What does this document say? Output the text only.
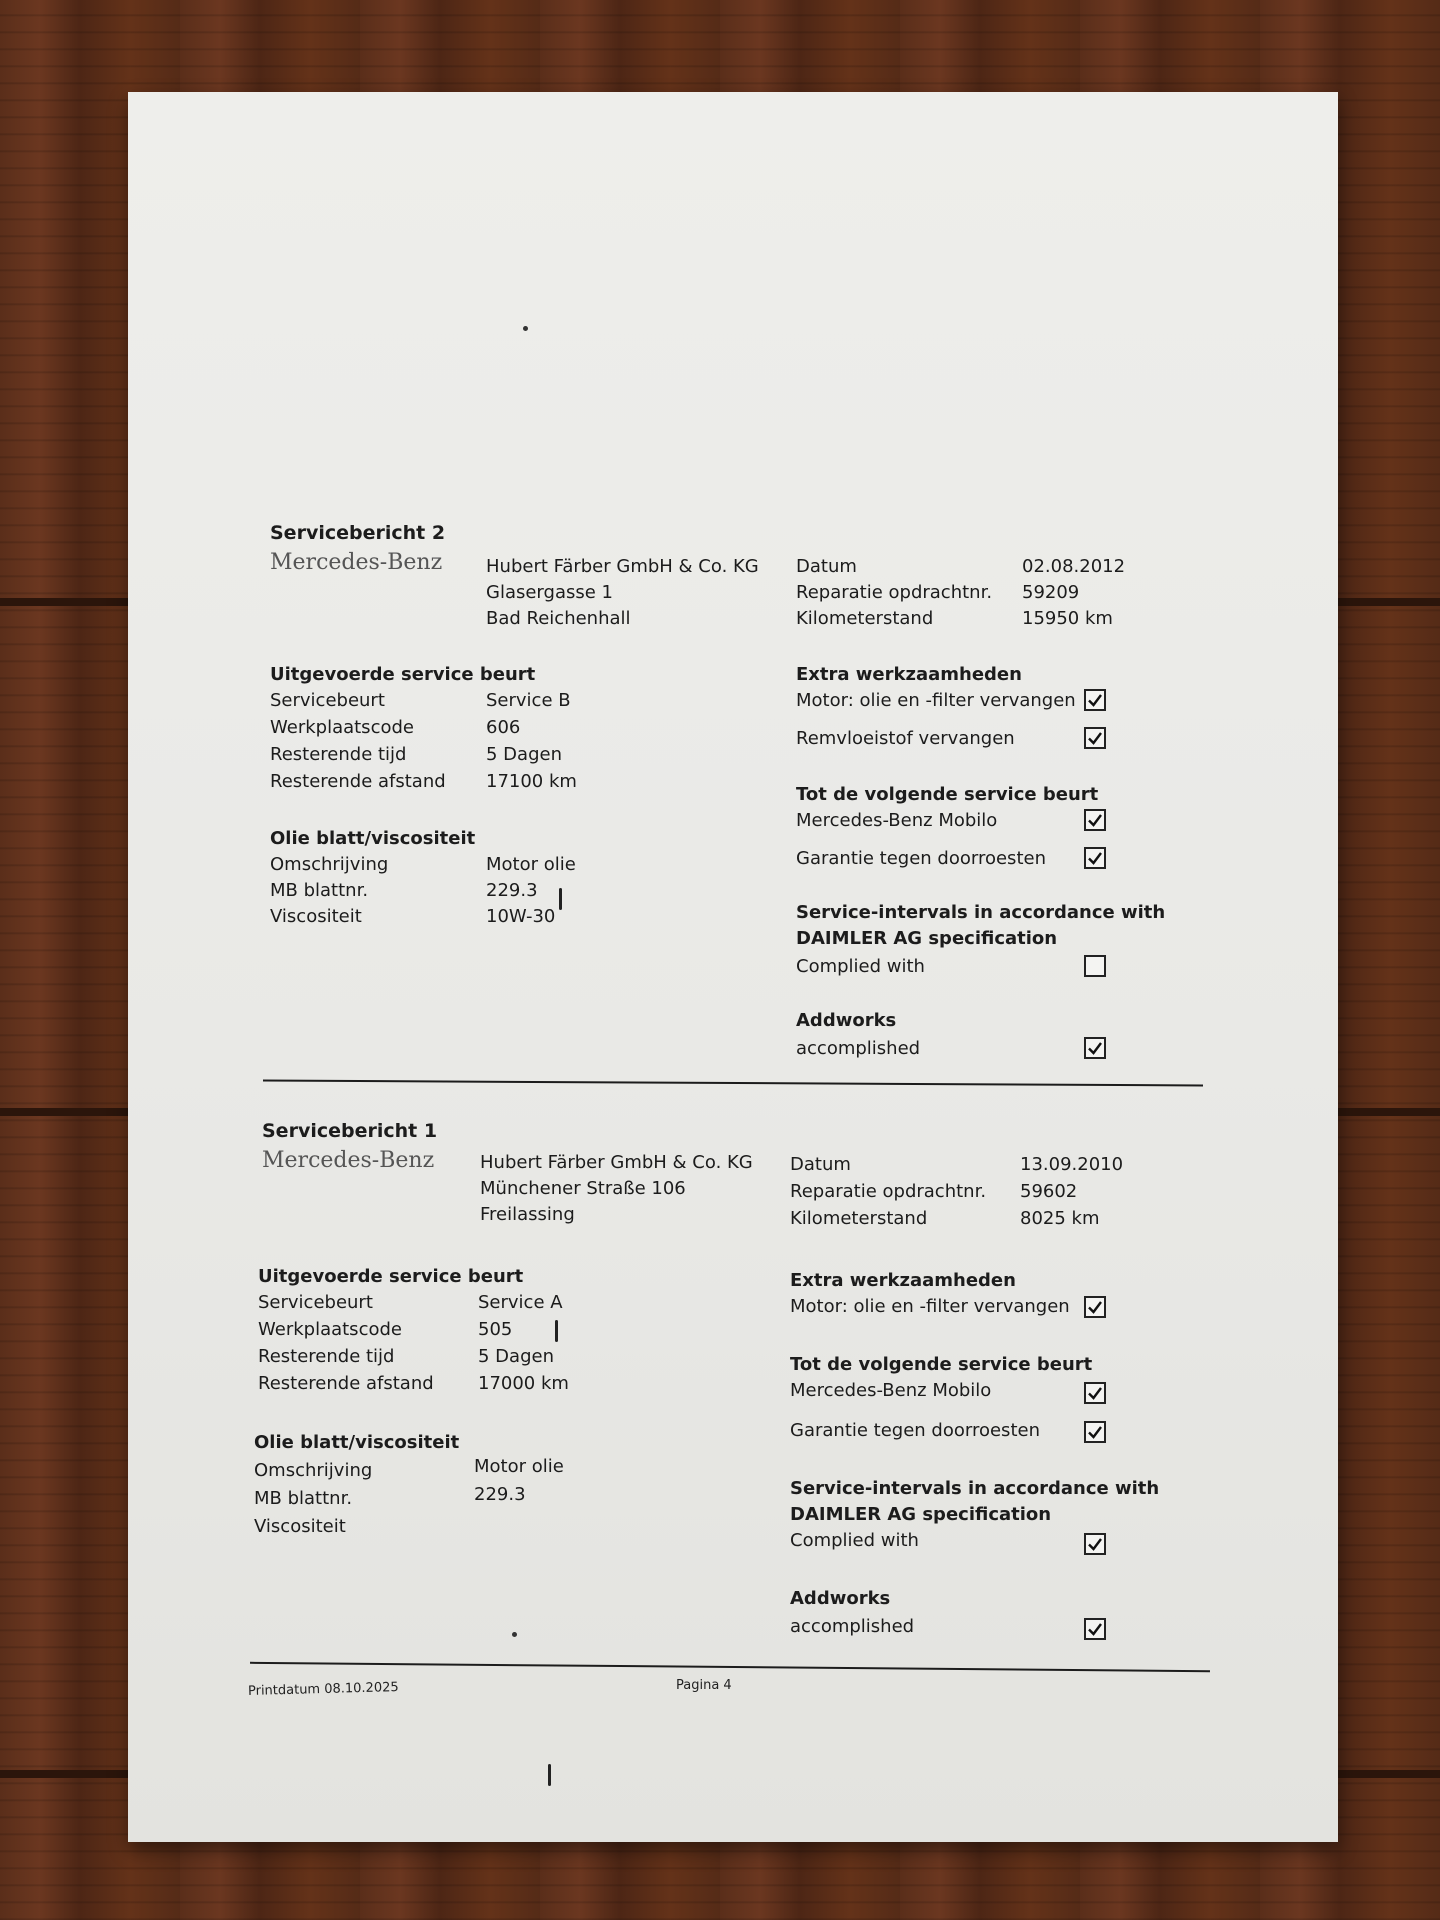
Servicebericht 2
Mercedes-Benz Hubert Färber GmbH & Co. KG
Glasergasse 1
Bad Reichenhall
Datum	02.08.2012
Reparatie opdrachtnr. 59209
Kilometerstand	15950 km
Uitgevoerde service beurt
Servicebeurt	Service B
Werkplaatscode	606
Resterende tijd	5 Dagen
Resterende afstand 17100 km
Olie blatt/viscositeit
Omschrijving	Motor olie
MB blattnr.	229.3
Viscositeit	10W-30
Extra werkzaamheden
Motor: olie en -filter vervangen
Remvloeistof vervangen
Tot de volgende service beurt
Mercedes-Benz Mobilo
Garantie tegen doorroesten
Service-intervals in accordance with
DAIMLER AG specification
Complied with
Addworks
accomplished
Servicebericht 1
Mercedes-Benz	Hubert Färber GmbH & Co. KG
Münchener Straße 106
Freilassing
Datum	13.09.2010
Reparatie opdrachtnr. 59602
Kilometerstand	8025 km
Uitgevoerde service beurt
Servicebeurt	Service A
Werkplaatscode	505
Resterende tijd	5 Dagen
Resterende afstand 17000 km
Olie blatt/viscositeit
Omschrijving	Motor olie
MB blattnr.	229.3
Viscositeit
Extra werkzaamheden
Motor: olie en -filter vervangen
Tot de volgende service beurt
Mercedes-Benz Mobilo
Garantie tegen doorroesten
Service-intervals in accordance with
DAIMLER AG specification
Complied with
Addworks
accomplished
Printdatum 08.10.2025	Pagina 4
